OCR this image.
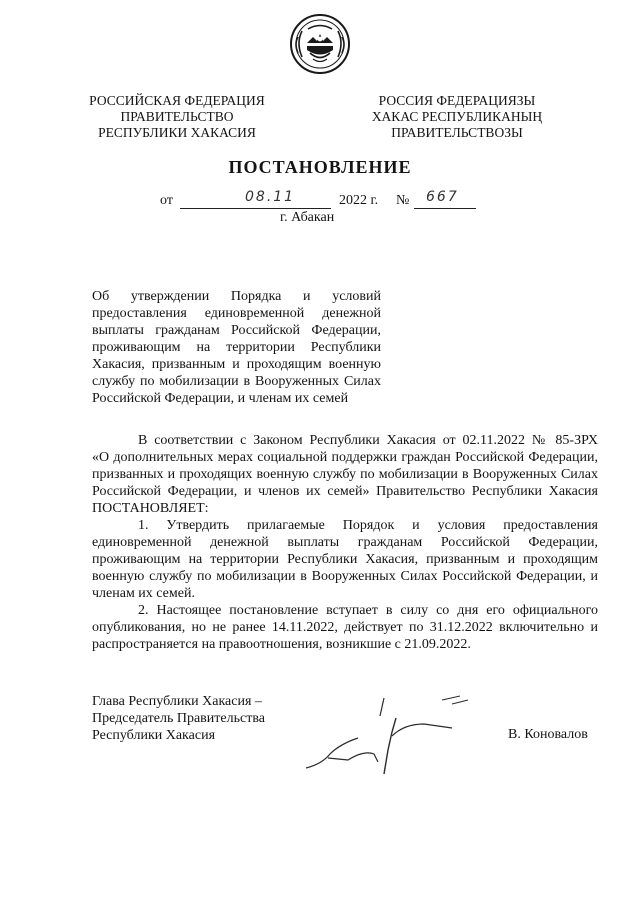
РОССИЙСКАЯ ФЕДЕРАЦИЯ
ПРАВИТЕЛЬСТВО
РЕСПУБЛИКИ ХАКАСИЯ
РОССИЯ ФЕДЕРАЦИЯЗЫ
ХАКАС РЕСПУБЛИКАНЫҢ
ПРАВИТЕЛЬСТВОЗЫ
ПОСТАНОВЛЕНИЕ
от	08.11	2022 г. № 667
г. Абакан
Об утверждении Порядка и условий
предоставления единовременной денежной
выплаты гражданам Российской Федерации,
проживающим на территории Республики
Хакасия, призванным и проходящим военную
службу по мобилизации в Вооруженных Силах
Российской Федерации, и членам их семей
В соответствии с Законом Республики Хакасия от 02.11.2022 № 85-ЗРХ
«О дополнительных мерах социальной поддержки граждан Российской Федерации,
призванных и проходящих военную службу по мобилизации в Вооруженных Силах
Российской Федерации, и членов их семей» Правительство Республики Хакасия
ПОСТАНОВЛЯЕТ:
1. Утвердить прилагаемые Порядок и условия предоставления
единовременной денежной выплаты гражданам Российской Федерации,
проживающим на территории Республики Хакасия, призванным и проходящим
военную службу по мобилизации в Вооруженных Силах Российской Федерации, и
членам их семей.
2. Настоящее постановление вступает в силу со дня его официального
опубликования, но не ранее 14.11.2022, действует по 31.12.2022 включительно и
распространяется на правоотношения, возникшие с 21.09.2022.
Глава Республики Хакасия –
Председатель Правительства
Республики Хакасия	В. Коновалов
